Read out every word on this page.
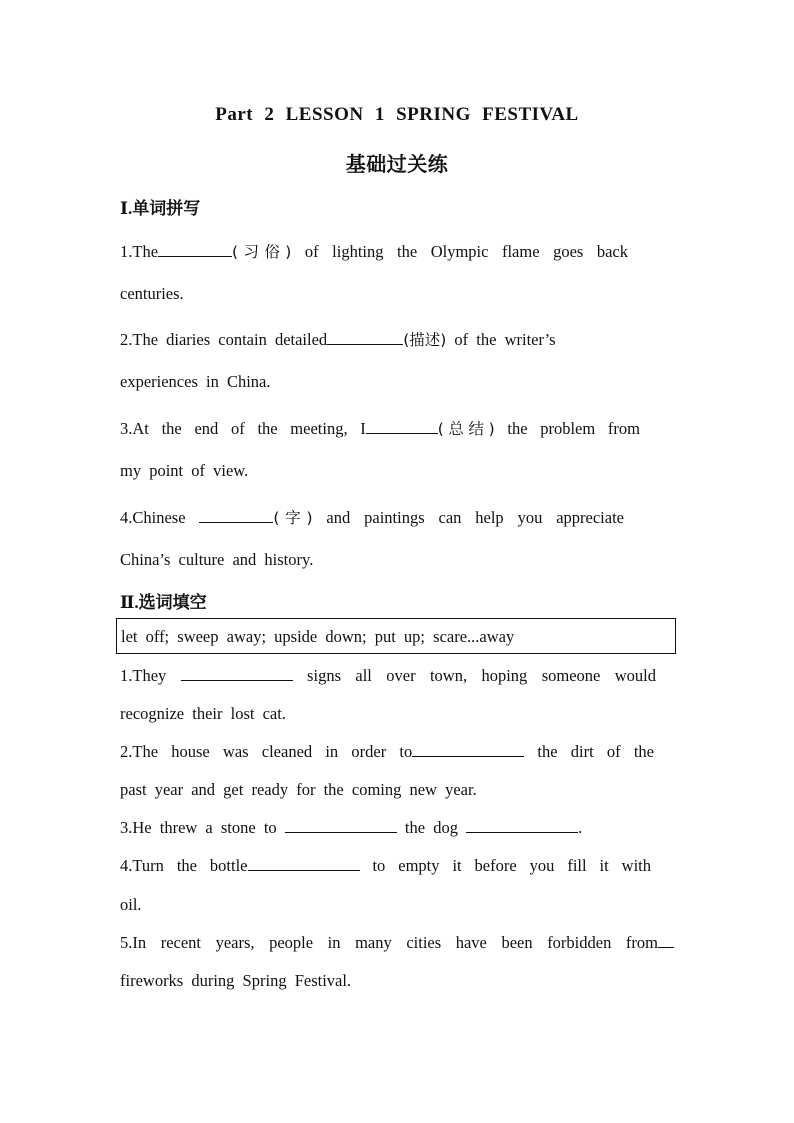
Part 2 LESSON 1 SPRING FESTIVAL
基础过关练
Ⅰ.单词拼写
1.The	(习俗) of lighting the Olympic flame goes back
centuries.
2.The diaries contain detailed	(描述) of the writer’s
experiences in China.
3.At the end of the meeting, I	(总结) the problem from
my point of view.
4.Chinese	(字) and paintings can help you appreciate
China’s culture and history.
Ⅱ.选词填空
let off; sweep away; upside down; put up; scare...away
1.They	signs all over town, hoping someone would
recognize their lost cat.
2.The house was cleaned in order to	the dirt of the
past year and get ready for the coming new year.
3.He threw a stone to	the dog	.
4.Turn the bottle	to empty it before you fill it with
oil.
5.In recent years, people in many cities have been forbidden from
fireworks during Spring Festival.
